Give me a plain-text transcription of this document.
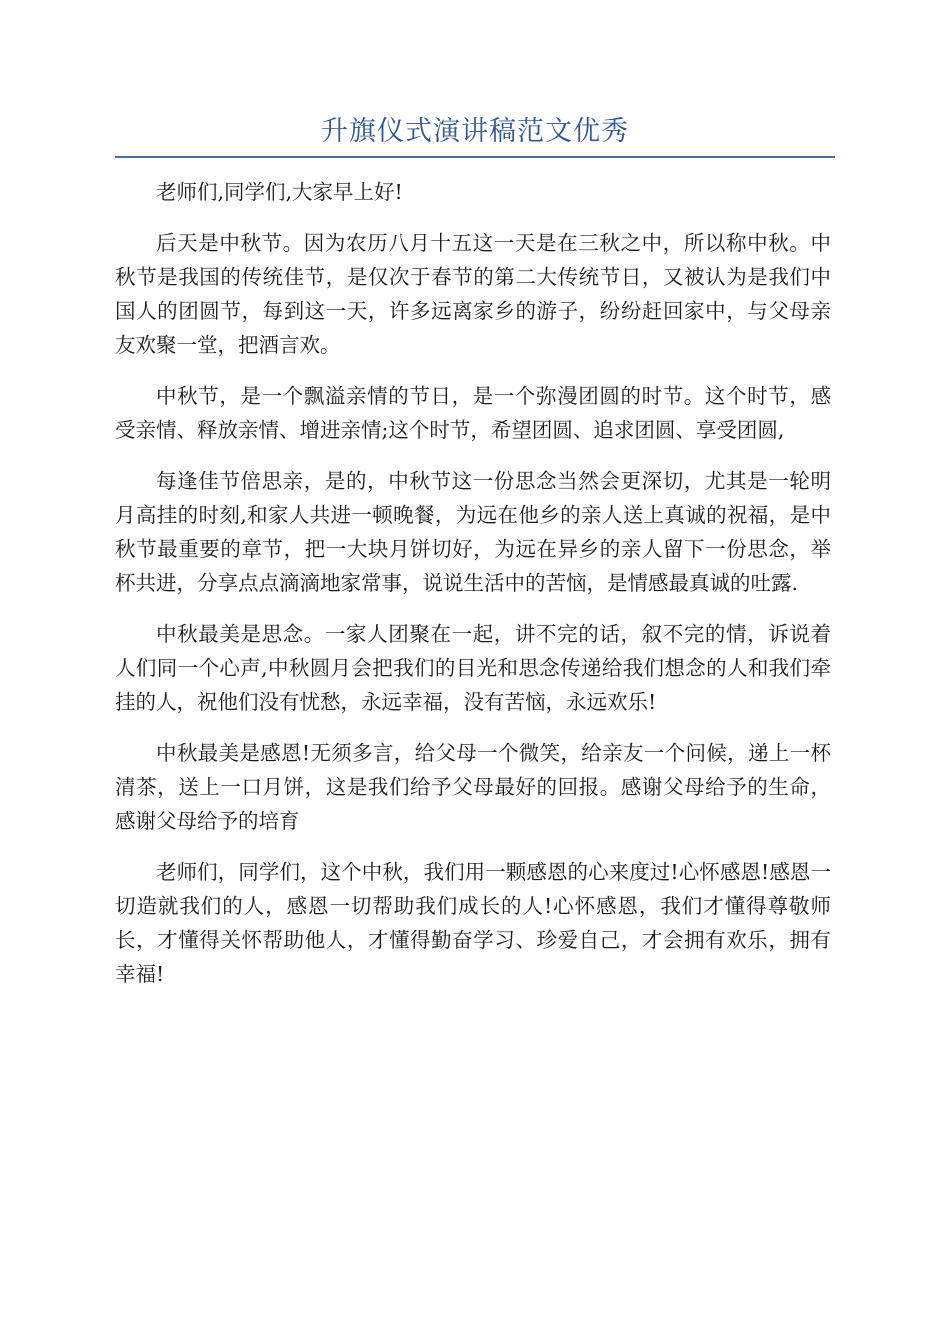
升旗仪式演讲稿范文优秀

老师们,同学们,大家早上好!

后天是中秋节。因为农历八月十五这一天是在三秋之中，所以称中秋。中秋节是我国的传统佳节，是仅次于春节的第二大传统节日，又被认为是我们中国人的团圆节，每到这一天，许多远离家乡的游子，纷纷赶回家中，与父母亲友欢聚一堂，把酒言欢。

中秋节，是一个飘溢亲情的节日，是一个弥漫团圆的时节。这个时节，感受亲情、释放亲情、增进亲情;这个时节，希望团圆、追求团圆、享受团圆,

每逢佳节倍思亲，是的，中秋节这一份思念当然会更深切，尤其是一轮明月高挂的时刻,和家人共进一顿晚餐，为远在他乡的亲人送上真诚的祝福，是中秋节最重要的章节，把一大块月饼切好，为远在异乡的亲人留下一份思念，举杯共进，分享点点滴滴地家常事，说说生活中的苦恼，是情感最真诚的吐露.

中秋最美是思念。一家人团聚在一起，讲不完的话，叙不完的情，诉说着人们同一个心声,中秋圆月会把我们的目光和思念传递给我们想念的人和我们牵挂的人，祝他们没有忧愁，永远幸福，没有苦恼，永远欢乐!

中秋最美是感恩!无须多言，给父母一个微笑，给亲友一个问候，递上一杯清茶，送上一口月饼，这是我们给予父母最好的回报。感谢父母给予的生命，感谢父母给予的培育

老师们，同学们，这个中秋，我们用一颗感恩的心来度过!心怀感恩!感恩一切造就我们的人，感恩一切帮助我们成长的人!心怀感恩，我们才懂得尊敬师长，才懂得关怀帮助他人，才懂得勤奋学习、珍爱自己，才会拥有欢乐，拥有幸福!
